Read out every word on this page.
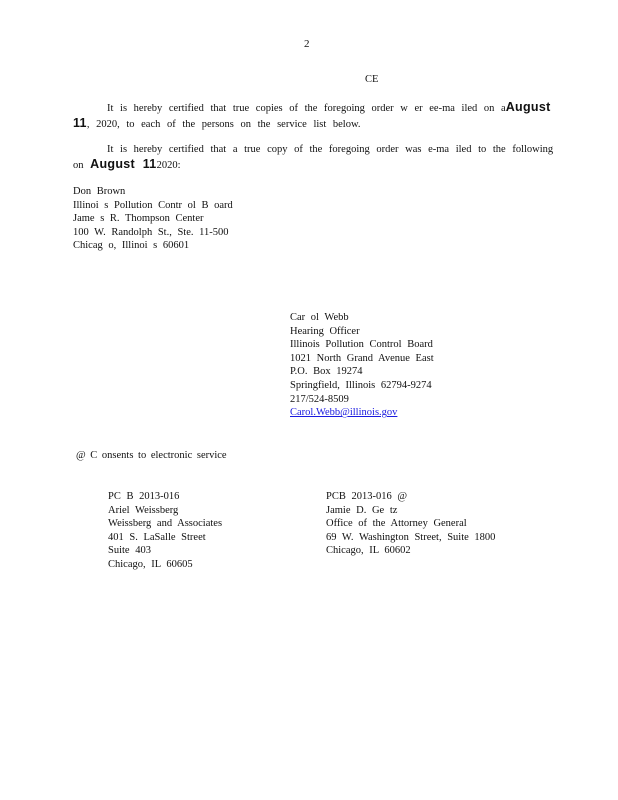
2
CE
It is hereby certified that true copies of the foregoing order w er ee-ma iled on aAugust
11, 2020, to each of the persons on the service list below.
It is hereby certified that a true copy of the foregoing order was e-ma iled to the following
on August 112020:
Don Brown
Illinoi s Pollution Contr ol B oard
Jame s R. Thompson Center
100 W. Randolph St., Ste. 11-500
Chicag o, Illinoi s 60601
Car ol Webb
Hearing Officer
Illinois Pollution Control Board
1021 North Grand Avenue East
P.O. Box 19274
Springfield, Illinois 62794-9274
217/524-8509
Carol.Webb@illinois.gov
@ C onsents to electronic service
PC B 2013-016
Ariel Weissberg
Weissberg and Associates
401 S. LaSalle Street
Suite 403
Chicago, IL 60605
PCB 2013-016 @
Jamie D. Ge tz
Office of the Attorney General
69 W. Washington Street, Suite 1800
Chicago, IL 60602
